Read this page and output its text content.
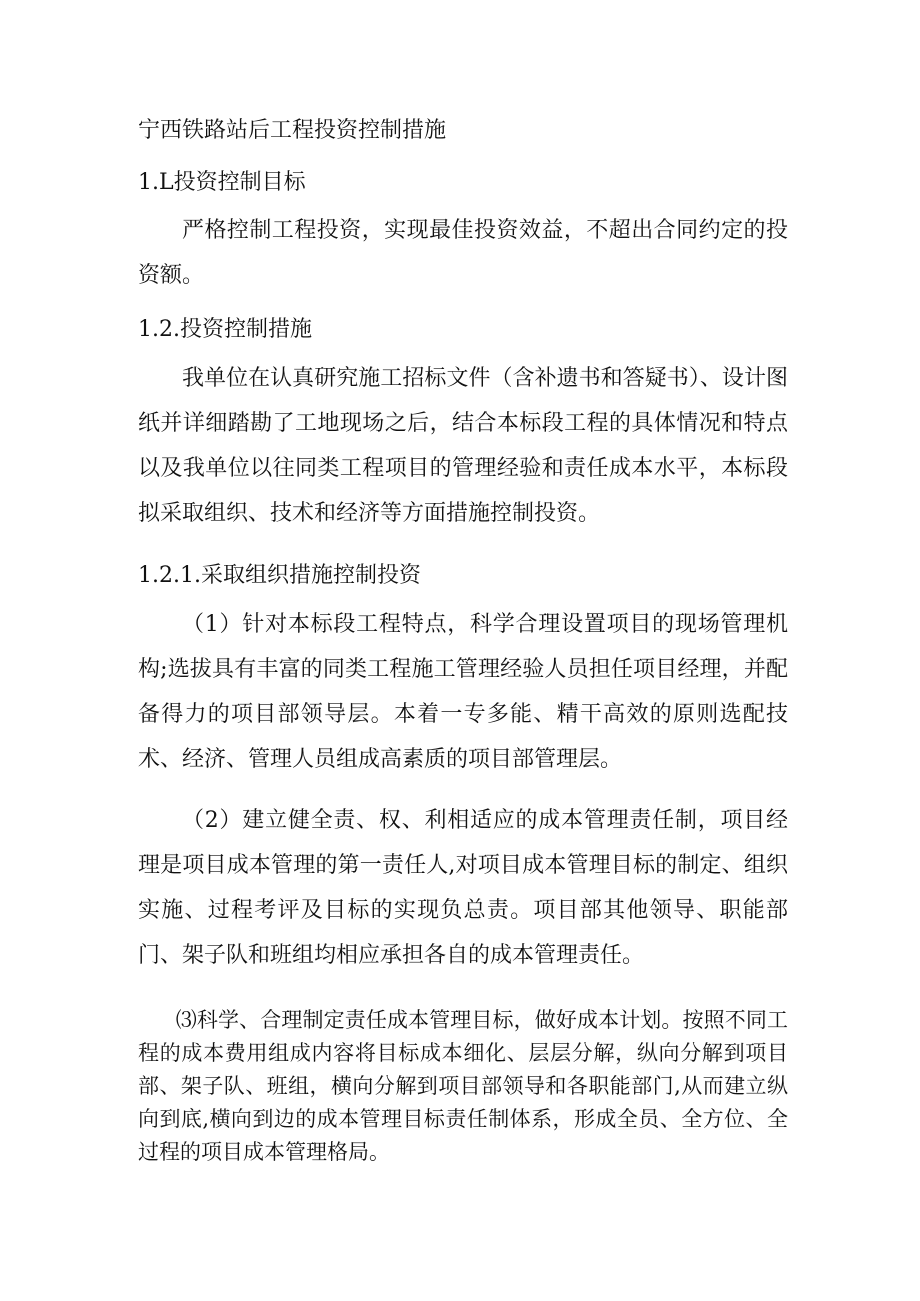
宁西铁路站后工程投资控制措施
1.L投资控制目标

严格控制工程投资，实现最佳投资效益，不超出合同约定的投资额。

1.2.投资控制措施

我单位在认真研究施工招标文件（含补遗书和答疑书）、设计图纸并详细踏勘了工地现场之后，结合本标段工程的具体情况和特点以及我单位以往同类工程项目的管理经验和责任成本水平，本标段拟采取组织、技术和经济等方面措施控制投资。

1.2.1.采取组织措施控制投资

（1）针对本标段工程特点，科学合理设置项目的现场管理机构;选拔具有丰富的同类工程施工管理经验人员担任项目经理，并配备得力的项目部领导层。本着一专多能、精干高效的原则选配技术、经济、管理人员组成高素质的项目部管理层。

（2）建立健全责、权、利相适应的成本管理责任制，项目经理是项目成本管理的第一责任人,对项目成本管理目标的制定、组织实施、过程考评及目标的实现负总责。项目部其他领导、职能部门、架子队和班组均相应承担各自的成本管理责任。

⑶科学、合理制定责任成本管理目标，做好成本计划。按照不同工程的成本费用组成内容将目标成本细化、层层分解，纵向分解到项目部、架子队、班组，横向分解到项目部领导和各职能部门,从而建立纵向到底,横向到边的成本管理目标责任制体系，形成全员、全方位、全过程的项目成本管理格局。
